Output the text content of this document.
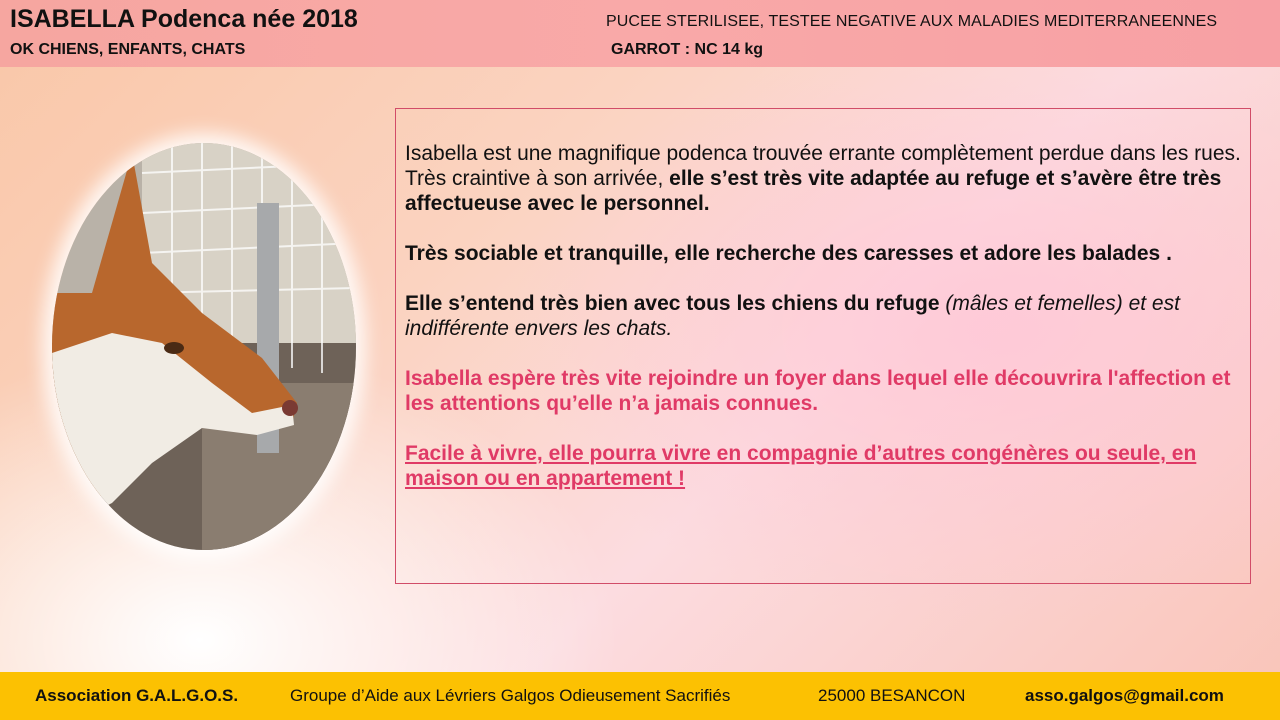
ISABELLA Podenca née 2018
OK CHIENS, ENFANTS, CHATS
PUCEE STERILISEE, TESTEE NEGATIVE AUX MALADIES MEDITERRANEENNES
GARROT : NC 14 kg

Isabella est une magnifique podenca trouvée errante complètement perdue dans les rues.

Très craintive à son arrivée, elle s’est très vite adaptée au refuge et s’avère être très affectueuse avec le personnel.

Très sociable et tranquille, elle recherche des caresses et adore les balades .

Elle s’entend très bien avec tous les chiens du refuge (mâles et femelles) et est indifférente envers les chats.

Isabella espère très vite rejoindre un foyer dans lequel elle découvrira l'affection et les attentions qu’elle n’a jamais connues.

Facile à vivre, elle pourra vivre en compagnie d’autres congénères ou seule, en maison ou en appartement !

Association G.A.L.G.O.S.	Groupe d’Aide aux Lévriers Galgos Odieusement Sacrifiés	25000 BESANCON	asso.galgos@gmail.com
